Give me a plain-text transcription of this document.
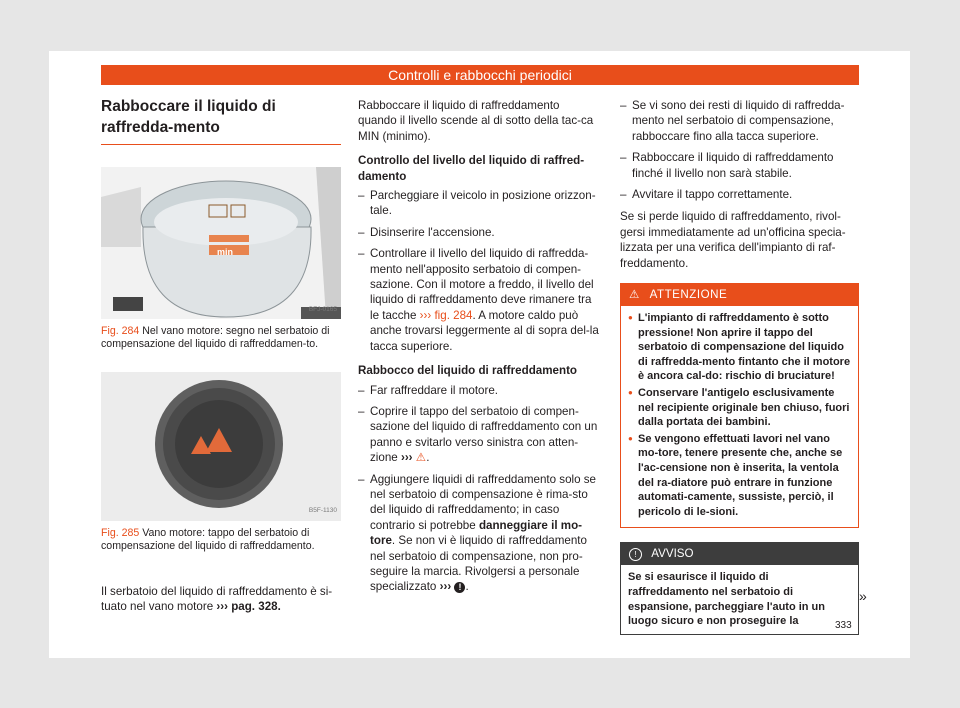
Controlli e rabbocchi periodici
Rabboccare il liquido di raffredda-mento
min
BFJ-0165

Fig. 284 Nel vano motore: segno nel serbatoio di compensazione del liquido di raffreddamen-to.

B5F-1130

Fig. 285 Vano motore: tappo del serbatoio di compensazione del liquido di raffreddamento.

Il serbatoio del liquido di raffreddamento è si-tuato nel vano motore ››› pag. 328.

Rabboccare il liquido di raffreddamento quando il livello scende al di sotto della tac-ca MIN (minimo).

Controllo del livello del liquido di raffred-damento
– Parcheggiare il veicolo in posizione orizzon-tale.
– Disinserire l'accensione.
– Controllare il livello del liquido di raffredda-mento nell'apposito serbatoio di compen-sazione. Con il motore a freddo, il livello del liquido di raffreddamento deve rimanere tra le tacche ››› fig. 284. A motore caldo può anche trovarsi leggermente al di sopra del-la tacca superiore.
Rabbocco del liquido di raffreddamento
– Far raffreddare il motore.
– Coprire il tappo del serbatoio di compen-sazione del liquido di raffreddamento con un panno e svitarlo verso sinistra con atten-zione ››› ⚠.
– Aggiungere liquidi di raffreddamento solo se nel serbatoio di compensazione è rima-sto del liquido di raffreddamento; in caso contrario si potrebbe danneggiare il mo-tore. Se non vi è liquido di raffreddamento nel serbatoio di compensazione, non pro-seguire la marcia. Rivolgersi a personale specializzato ››› ! .
– Se vi sono dei resti di liquido di raffredda-mento nel serbatoio di compensazione, rabboccare fino alla tacca superiore.
– Rabboccare il liquido di raffreddamento finché il livello non sarà stabile.
– Avvitare il tappo correttamente.

Se si perde liquido di raffreddamento, rivol-gersi immediatamente ad un'officina specia-lizzata per una verifica dell'impianto di raf-freddamento.

⚠ ATTENZIONE
● L'impianto di raffreddamento è sotto pressione! Non aprire il tappo del serbatoio di compensazione del liquido di raffredda-mento fintanto che il motore è ancora cal-do: rischio di bruciature!
● Conservare l'antigelo esclusivamente nel recipiente originale ben chiuso, fuori dalla portata dei bambini.
● Se vengono effettuati lavori nel vano mo-tore, tenere presente che, anche se l'ac-censione non è inserita, la ventola del ra-diatore può entrare in funzione automati-camente, sussiste, perciò, il pericolo di le-sioni.
! AVVISO
Se si esaurisce il liquido di raffreddamento nel serbatoio di espansione, parcheggiare l'auto in un luogo sicuro e non proseguire la
»
333
